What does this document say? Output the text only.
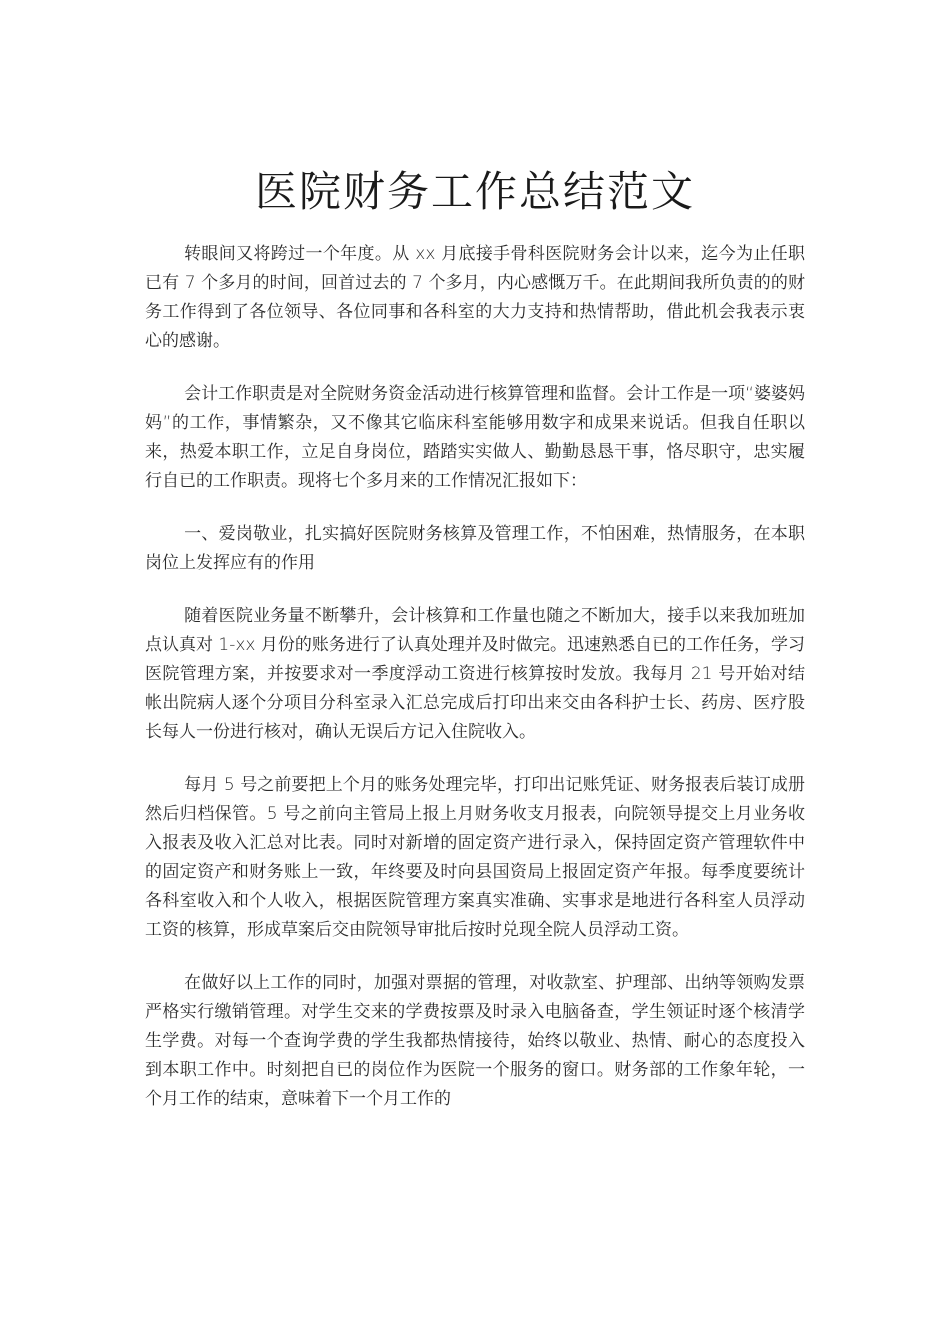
医院财务工作总结范文

转眼间又将跨过一个年度。从 xx 月底接手骨科医院财务会计以来，迄今为止任职已有 7 个多月的时间，回首过去的 7 个多月，内心感慨万千。在此期间我所负责的的财务工作得到了各位领导、各位同事和各科室的大力支持和热情帮助，借此机会我表示衷心的感谢。

会计工作职责是对全院财务资金活动进行核算管理和监督。会计工作是一项“婆婆妈妈”的工作，事情繁杂，又不像其它临床科室能够用数字和成果来说话。但我自任职以来，热爱本职工作，立足自身岗位，踏踏实实做人、勤勤恳恳干事，恪尽职守，忠实履行自已的工作职责。现将七个多月来的工作情况汇报如下：

一、爱岗敬业，扎实搞好医院财务核算及管理工作，不怕困难，热情服务，在本职岗位上发挥应有的作用

随着医院业务量不断攀升，会计核算和工作量也随之不断加大，接手以来我加班加点认真对 1-xx 月份的账务进行了认真处理并及时做完。迅速熟悉自已的工作任务，学习医院管理方案，并按要求对一季度浮动工资进行核算按时发放。我每月 21 号开始对结帐出院病人逐个分项目分科室录入汇总完成后打印出来交由各科护士长、药房、医疗股长每人一份进行核对，确认无误后方记入住院收入。

每月 5 号之前要把上个月的账务处理完毕，打印出记账凭证、财务报表后装订成册然后归档保管。5 号之前向主管局上报上月财务收支月报表，向院领导提交上月业务收入报表及收入汇总对比表。同时对新增的固定资产进行录入，保持固定资产管理软件中的固定资产和财务账上一致，年终要及时向县国资局上报固定资产年报。每季度要统计各科室收入和个人收入，根据医院管理方案真实准确、实事求是地进行各科室人员浮动工资的核算，形成草案后交由院领导审批后按时兑现全院人员浮动工资。

在做好以上工作的同时，加强对票据的管理，对收款室、护理部、出纳等领购发票严格实行缴销管理。对学生交来的学费按票及时录入电脑备查，学生领证时逐个核清学生学费。对每一个查询学费的学生我都热情接待，始终以敬业、热情、耐心的态度投入到本职工作中。时刻把自已的岗位作为医院一个服务的窗口。财务部的工作象年轮，一个月工作的结束，意味着下一个月工作的
